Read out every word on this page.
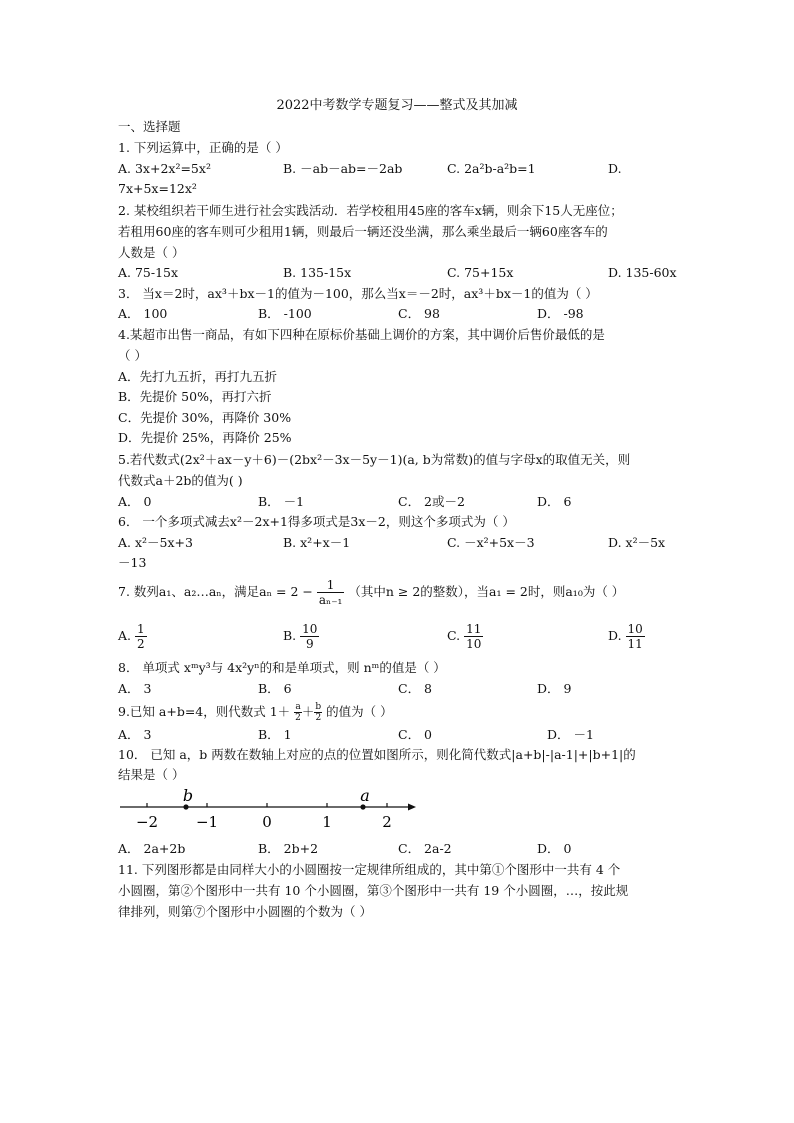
2022中考数学专题复习——整式及其加减
一、选择题
1. 下列运算中，正确的是（ ）
A. 3x+2x²=5x²	B. －ab－ab=－2ab	C. 2a²b-a²b=1	D.
7x+5x=12x²
2. 某校组织若干师生进行社会实践活动．若学校租用45座的客车x辆，则余下15人无座位；
若租用60座的客车则可少租用1辆，则最后一辆还没坐满，那么乘坐最后一辆60座客车的
人数是（ ）
A. 75-15x	B. 135-15x	C. 75+15x	D. 135-60x
3． 当x＝2时，ax³＋bx－1的值为－100，那么当x＝－2时，ax³＋bx－1的值为（ ）
A． 100	B． -100	C． 98	D． -98
4.某超市出售一商品，有如下四种在原标价基础上调价的方案，其中调价后售价最低的是
（ ）
A．先打九五折，再打九五折
B．先提价 50%，再打六折
C．先提价 30%，再降价 30%
D．先提价 25%，再降价 25%
5.若代数式(2x²＋ax－y＋6)－(2bx²－3x－5y－1)(a, b为常数)的值与字母x的取值无关，则
代数式a＋2b的值为( )
A． 0	B． －1	C． 2或－2	D． 6
6． 一个多项式减去x²－2x+1得多项式是3x－2，则这个多项式为（ ）
A. x²－5x+3	B. x²+x－1	C. －x²+5x－3	D. x²－5x
－13
7. 数列a₁、a₂…aₙ，满足$a_n = 2 - \frac{1}{\text{aₙ₋₁}}$ （其中n ≥ 2的整数），当a₁ = 2时，则a₁₀为（ ）
A. $\frac{1}{2}$	B. $\frac{10}{9}$	C. $\frac{11}{10}$	D. $\frac{10}{11}$
8． 单项式 xᵐy³与 4x²yⁿ的和是单项式，则 nᵐ的值是（ ）
A． 3	B． 6	C． 8	D． 9
9.已知 a+b=4，则代数式 $1+ \frac{a}{2} + \frac{b}{2}$ 的值为（ ）
A． 3	B． 1	C． 0	D． －1
10． 已知 a，b 两数在数轴上对应的点的位置如图所示，则化简代数式|a+b|-|a-1|+|b+1|的
结果是（ ）
−2	−1	0	1	2
b	a
A． 2a+2b	B． 2b+2	C． 2a-2	D． 0
11. 下列图形都是由同样大小的小圆圈按一定规律所组成的，其中第①个图形中一共有 4 个
小圆圈，第②个图形中一共有 10 个小圆圈，第③个图形中一共有 19 个小圆圈，…，按此规
律排列，则第⑦个图形中小圆圈的个数为（ ）
